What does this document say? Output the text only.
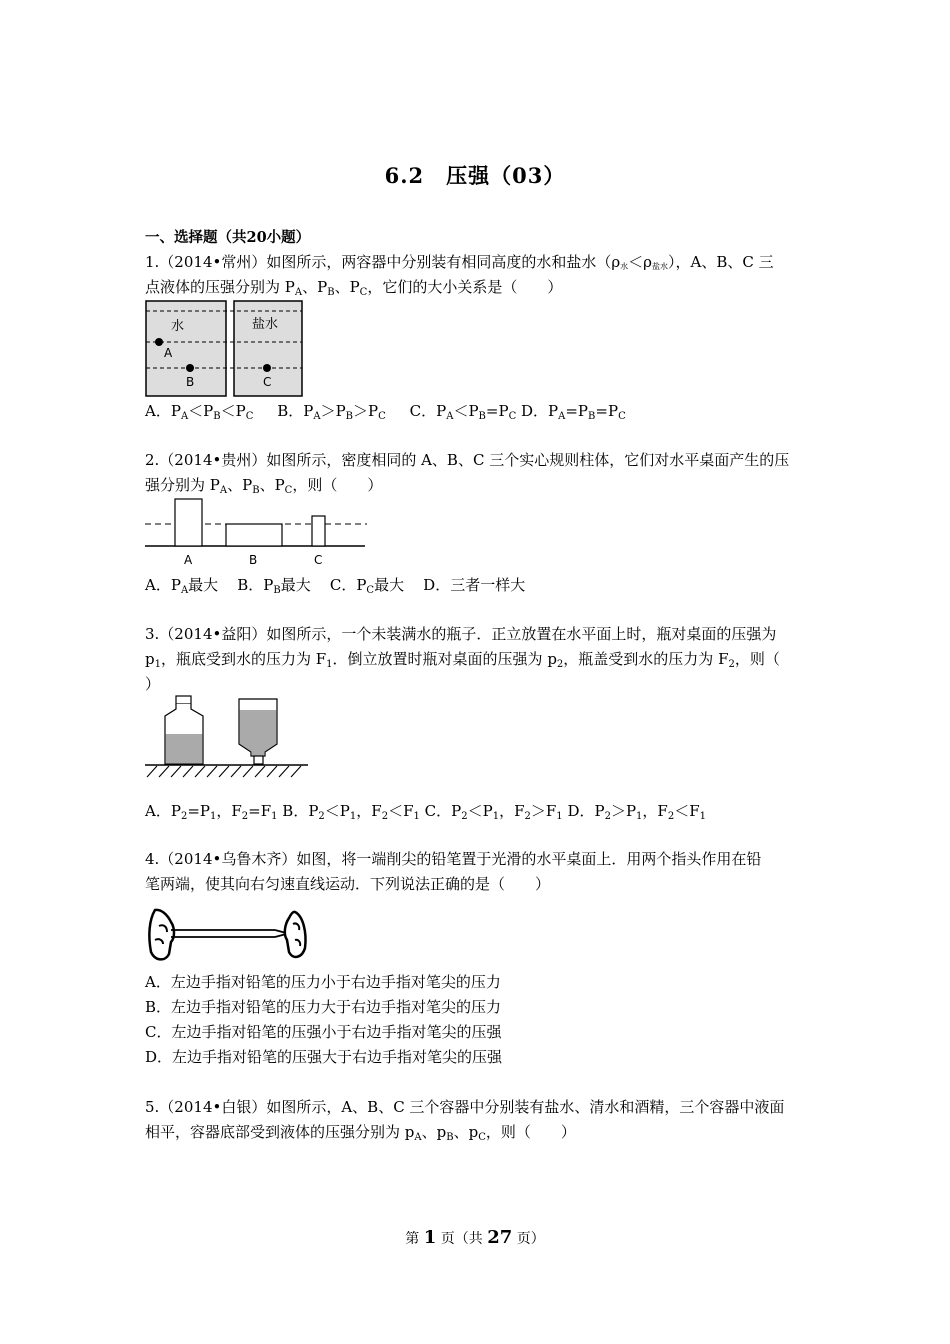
6.2　压强（03）
一、选择题（共20小题）
1.（2014•常州）如图所示，两容器中分别装有相同高度的水和盐水（ρ水＜ρ盐水），A、B、C 三
点液体的压强分别为 $P_A$、$P_B$、$P_C$，它们的大小关系是（　　）
水	盐水
A
B	C
A．$P_A<P_B<P_C$ B．$P_A>P_B>P_C$ C．$P_A<P_B=P_C$ D．$P_A=P_B=P_C$
2.（2014•贵州）如图所示，密度相同的 A、B、C 三个实心规则柱体，它们对水平桌面产生的压
强分别为 $P_A$、$P_B$、$P_C$，则（　　）
A	B	C
A．$P_A$最大 B．$P_B$最大 C．$P_C$最大 D．三者一样大
3.（2014•益阳）如图所示，一个未装满水的瓶子．正立放置在水平面上时，瓶对桌面的压强为
$p_1$，瓶底受到水的压力为 $F_1$．倒立放置时瓶对桌面的压强为 $p_2$，瓶盖受到水的压力为 $F_2$，则（
）
A．$P_2=P_1$，$F_2=F_1$ B．$P_2<P_1$，$F_2<F_1$ C．$P_2<P_1$，$F_2>F_1$ D．$P_2>P_1$，$F_2<F_1$
4.（2014•乌鲁木齐）如图，将一端削尖的铅笔置于光滑的水平桌面上．用两个指头作用在铅
笔两端，使其向右匀速直线运动．下列说法正确的是（　　）
A．左边手指对铅笔的压力小于右边手指对笔尖的压力
B．左边手指对铅笔的压力大于右边手指对笔尖的压力
C．左边手指对铅笔的压强小于右边手指对笔尖的压强
D．左边手指对铅笔的压强大于右边手指对笔尖的压强
5.（2014•白银）如图所示，A、B、C 三个容器中分别装有盐水、清水和酒精，三个容器中液面
相平，容器底部受到液体的压强分别为 $p_A$、$p_B$、$p_C$，则（　　）
第 1 页（共 27 页）
